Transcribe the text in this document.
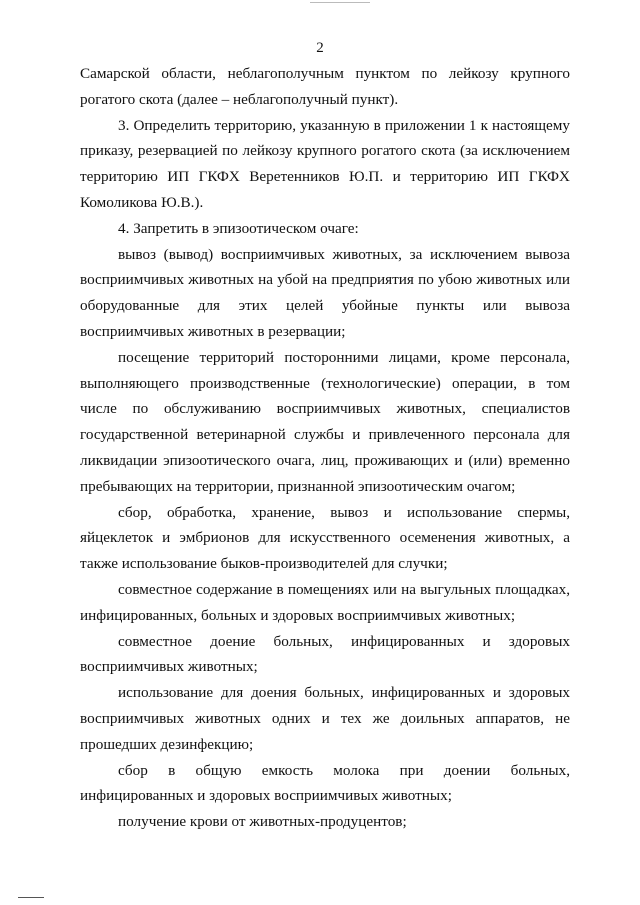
2

Самарской области, неблагополучным пунктом по лейкозу крупного
рогатого скота (далее – неблагополучный пункт).

3. Определить территорию, указанную в приложении 1 к настоящему
приказу, резервацией по лейкозу крупного рогатого скота (за исключением
территорию ИП ГКФХ Веретенников Ю.П. и территорию ИП ГКФХ
Комоликова Ю.В.).

4. Запретить в эпизоотическом очаге:

вывоз (вывод) восприимчивых животных, за исключением вывоза
восприимчивых животных на убой на предприятия по убою животных или
оборудованные для этих целей убойные пункты или вывоза
восприимчивых животных в резервации;

посещение территорий посторонними лицами, кроме персонала,
выполняющего производственные (технологические) операции, в том
числе по обслуживанию восприимчивых животных, специалистов
государственной ветеринарной службы и привлеченного персонала для
ликвидации эпизоотического очага, лиц, проживающих и (или) временно
пребывающих на территории, признанной эпизоотическим очагом;

сбор, обработка, хранение, вывоз и использование спермы,
яйцеклеток и эмбрионов для искусственного осеменения животных, а
также использование быков-производителей для случки;

совместное содержание в помещениях или на выгульных площадках,
инфицированных, больных и здоровых восприимчивых животных;

совместное доение больных, инфицированных и здоровых
восприимчивых животных;

использование для доения больных, инфицированных и здоровых
восприимчивых животных одних и тех же доильных аппаратов, не
прошедших дезинфекцию;

сбор в общую емкость молока при доении больных,
инфицированных и здоровых восприимчивых животных;

получение крови от животных-продуцентов;
